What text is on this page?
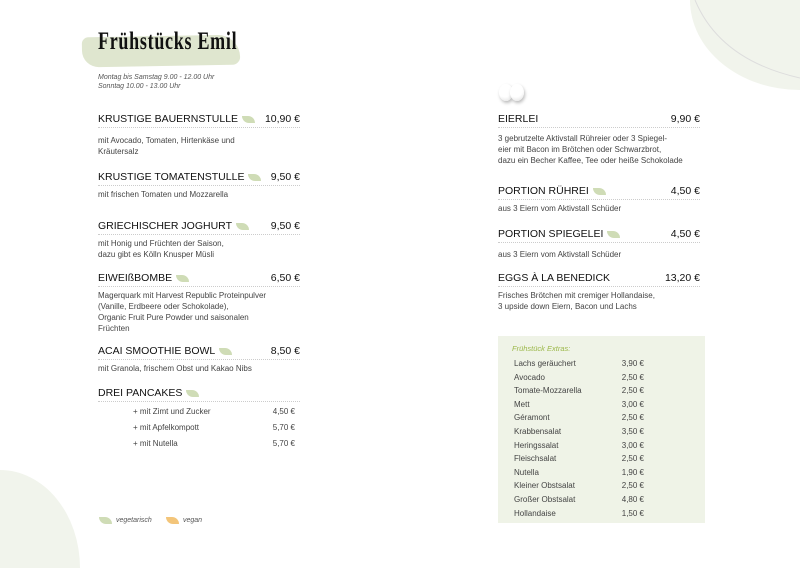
Frühstücks Emil
Montag bis Samstag 9.00 - 12.00 Uhr
Sonntag 10.00 - 13.00 Uhr
KRUSTIGE BAUERNSTULLE	10,90 €
mit Avocado, Tomaten, Hirtenkäse und
Kräutersalz
KRUSTIGE TOMATENSTULLE	9,50 €
mit frischen Tomaten und Mozzarella
GRIECHISCHER JOGHURT	9,50 €
mit Honig und Früchten der Saison,
dazu gibt es Kölln Knusper Müsli
EIWEIßBOMBE	6,50 €
Magerquark mit Harvest Republic Proteinpulver
(Vanille, Erdbeere oder Schokolade),
Organic Fruit Pure Powder und saisonalen
Früchten
ACAI SMOOTHIE BOWL	8,50 €
mit Granola, frischem Obst und Kakao Nibs
DREI PANCAKES
+ mit Zimt und Zucker	4,50 €
+ mit Apfelkompott	5,70 €
+ mit Nutella	5,70 €
EIERLEI	9,90 €
3 gebrutzelte Aktivstall Rühreier oder 3 Spiegel-
eier mit Bacon im Brötchen oder Schwarzbrot,
dazu ein Becher Kaffee, Tee oder heiße Schokolade
PORTION RÜHREI	4,50 €
aus 3 Eiern vom Aktivstall Schüder
PORTION SPIEGELEI	4,50 €
aus 3 Eiern vom Aktivstall Schüder
EGGS À LA BENEDICK	13,20 €
Frisches Brötchen mit cremiger Hollandaise,
3 upside down Eiern, Bacon und Lachs
Frühstück Extras:
Lachs geräuchert	3,90 €
Avocado	2,50 €
Tomate-Mozzarella	2,50 €
Mett	3,00 €
Géramont	2,50 €
Krabbensalat	3,50 €
Heringssalat	3,00 €
Fleischsalat	2,50 €
Nutella	1,90 €
Kleiner Obstsalat	2,50 €
Großer Obstsalat	4,80 €
Hollandaise	1,50 €
vegetarisch	vegan
